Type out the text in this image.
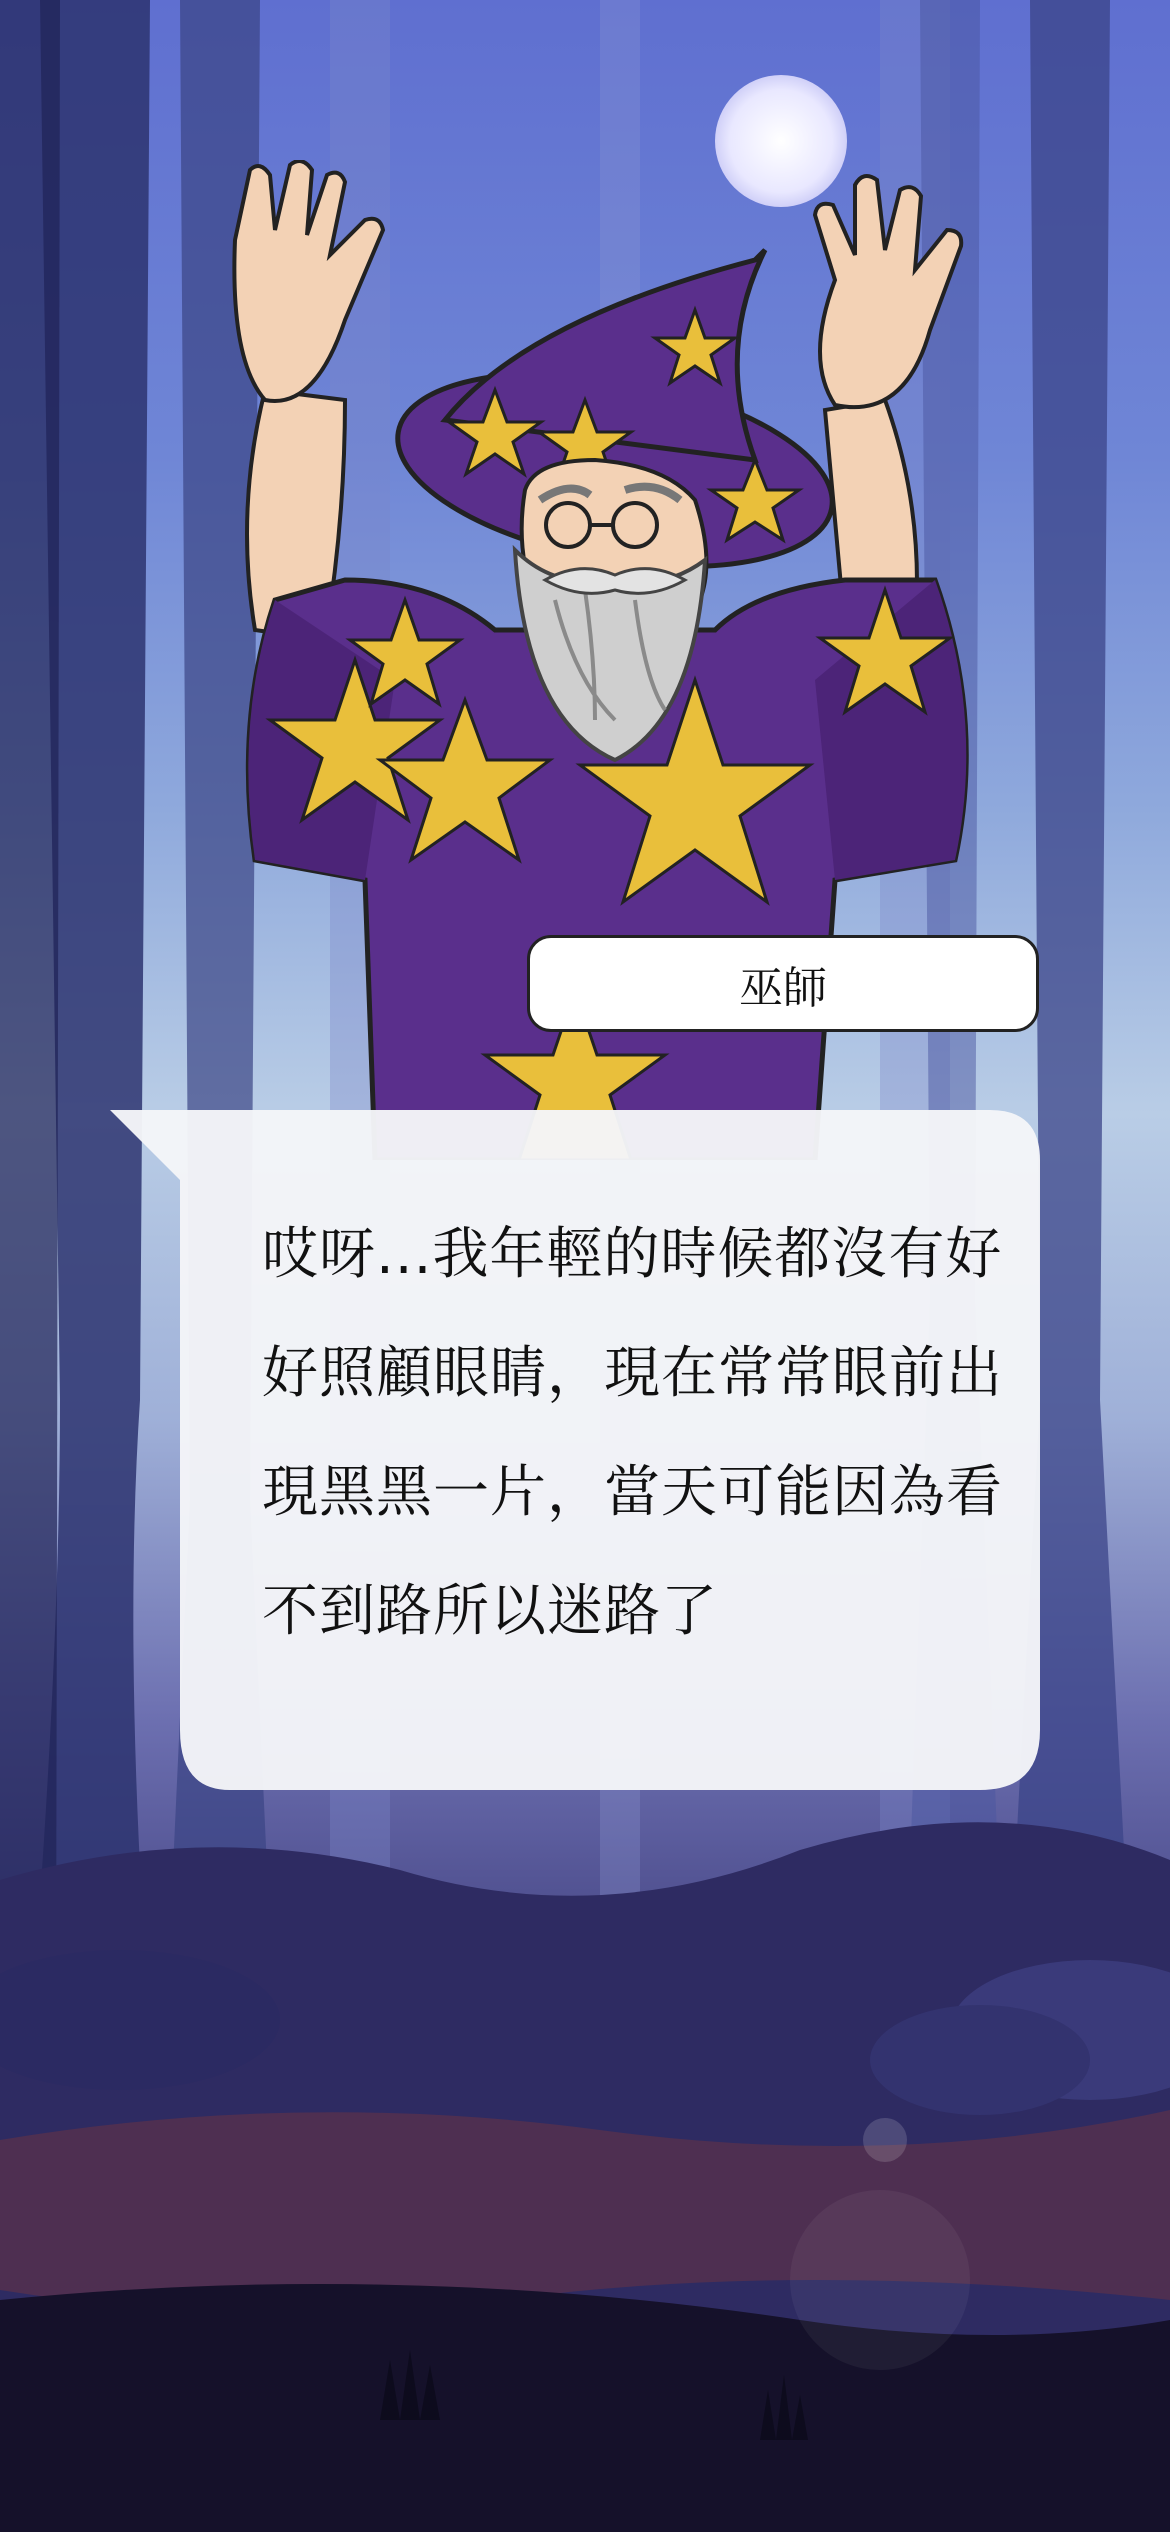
哎呀...我年輕的時候都沒有好好照顧眼睛，現在常常眼前出現黑黑一片，當天可能因為看不到路所以迷路了
巫師
